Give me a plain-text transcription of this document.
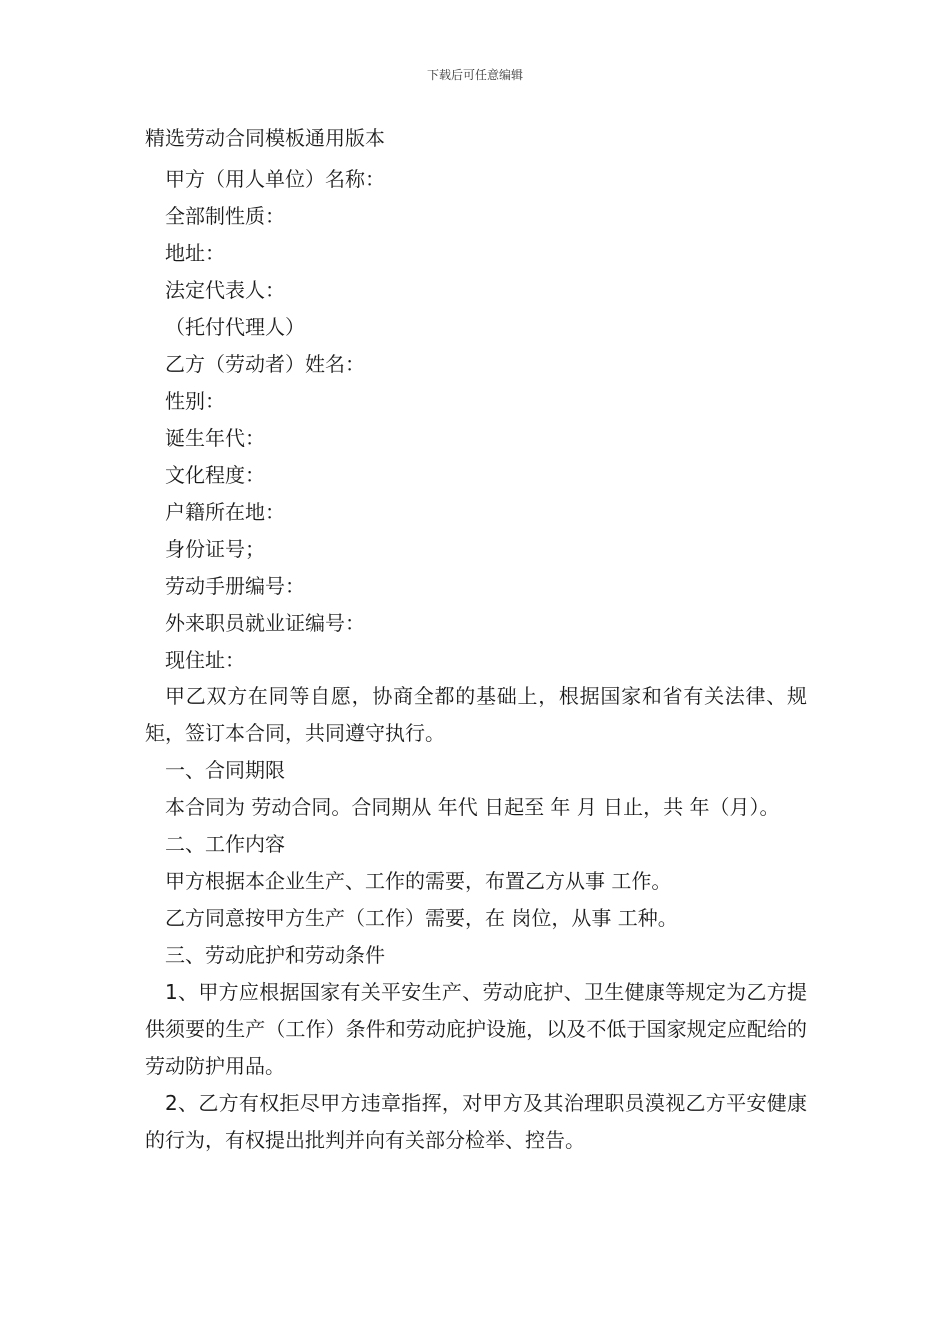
下载后可任意编辑
精选劳动合同模板通用版本
甲方（用人单位）名称：
全部制性质：
地址：
法定代表人：
（托付代理人）
乙方（劳动者）姓名：
性别：
诞生年代：
文化程度：
户籍所在地：
身份证号；
劳动手册编号：
外来职员就业证编号：
现住址：

甲乙双方在同等自愿，协商全都的基础上，根据国家和省有关法律、规矩，签订本合同，共同遵守执行。

一、合同期限

本合同为 劳动合同。合同期从 年代 日起至 年 月 日止，共 年（月）。

二、工作内容

甲方根据本企业生产、工作的需要，布置乙方从事 工作。

乙方同意按甲方生产（工作）需要，在 岗位，从事 工种。

三、劳动庇护和劳动条件

1、甲方应根据国家有关平安生产、劳动庇护、卫生健康等规定为乙方提供须要的生产（工作）条件和劳动庇护设施，以及不低于国家规定应配给的劳动防护用品。

2、乙方有权拒尽甲方违章指挥，对甲方及其治理职员漠视乙方平安健康的行为，有权提出批判并向有关部分检举、控告。
